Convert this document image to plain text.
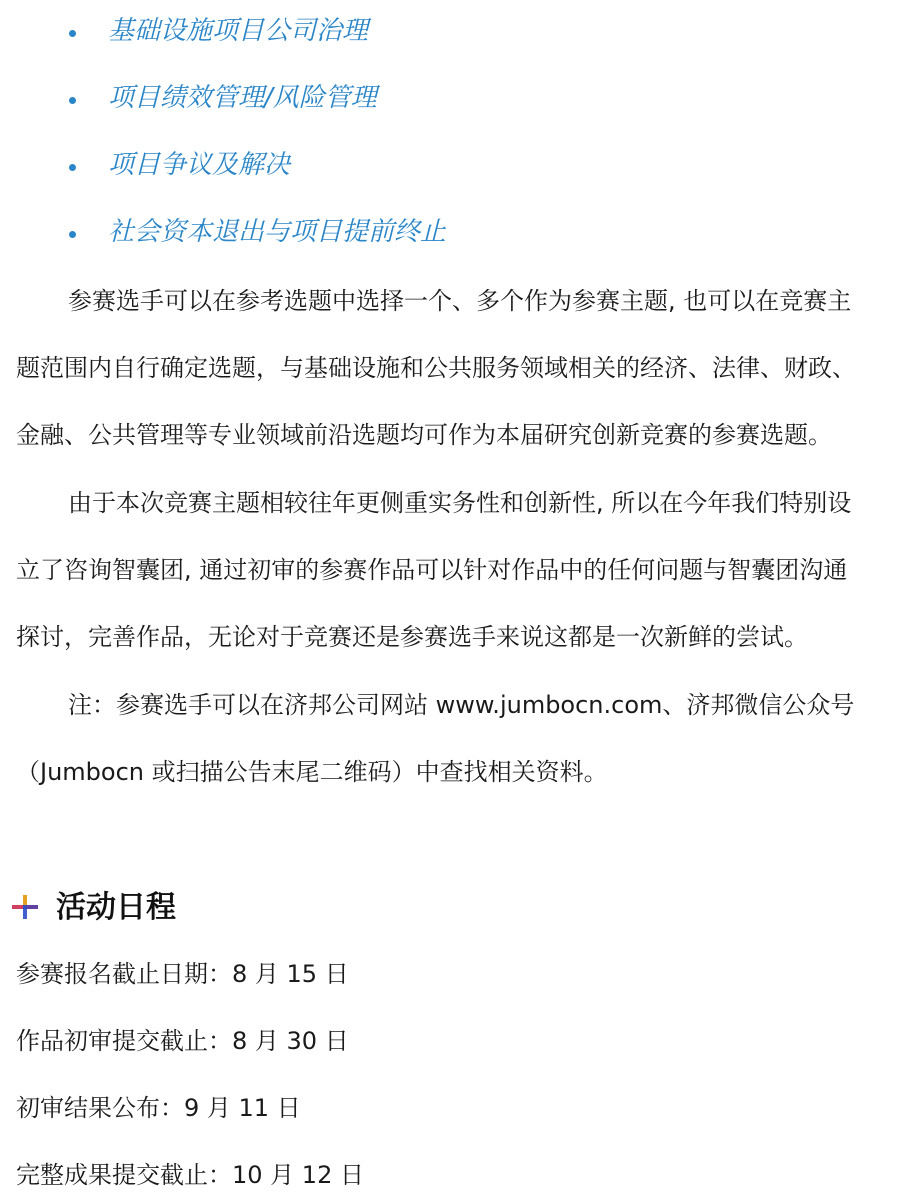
基础设施项目公司治理
项目绩效管理/风险管理
项目争议及解决
社会资本退出与项目提前终止
参赛选手可以在参考选题中选择一个、多个作为参赛主题, 也可以在竞赛主
题范围内自行确定选题，与基础设施和公共服务领域相关的经济、法律、财政、
金融、公共管理等专业领域前沿选题均可作为本届研究创新竞赛的参赛选题。
由于本次竞赛主题相较往年更侧重实务性和创新性, 所以在今年我们特别设
立了咨询智囊团, 通过初审的参赛作品可以针对作品中的任何问题与智囊团沟通
探讨，完善作品，无论对于竞赛还是参赛选手来说这都是一次新鲜的尝试。
注：参赛选手可以在济邦公司网站 www.jumbocn.com、济邦微信公众号
（Jumbocn 或扫描公告末尾二维码）中查找相关资料。
活动日程
参赛报名截止日期：8 月 15 日
作品初审提交截止：8 月 30 日
初审结果公布：9 月 11 日
完整成果提交截止：10 月 12 日
